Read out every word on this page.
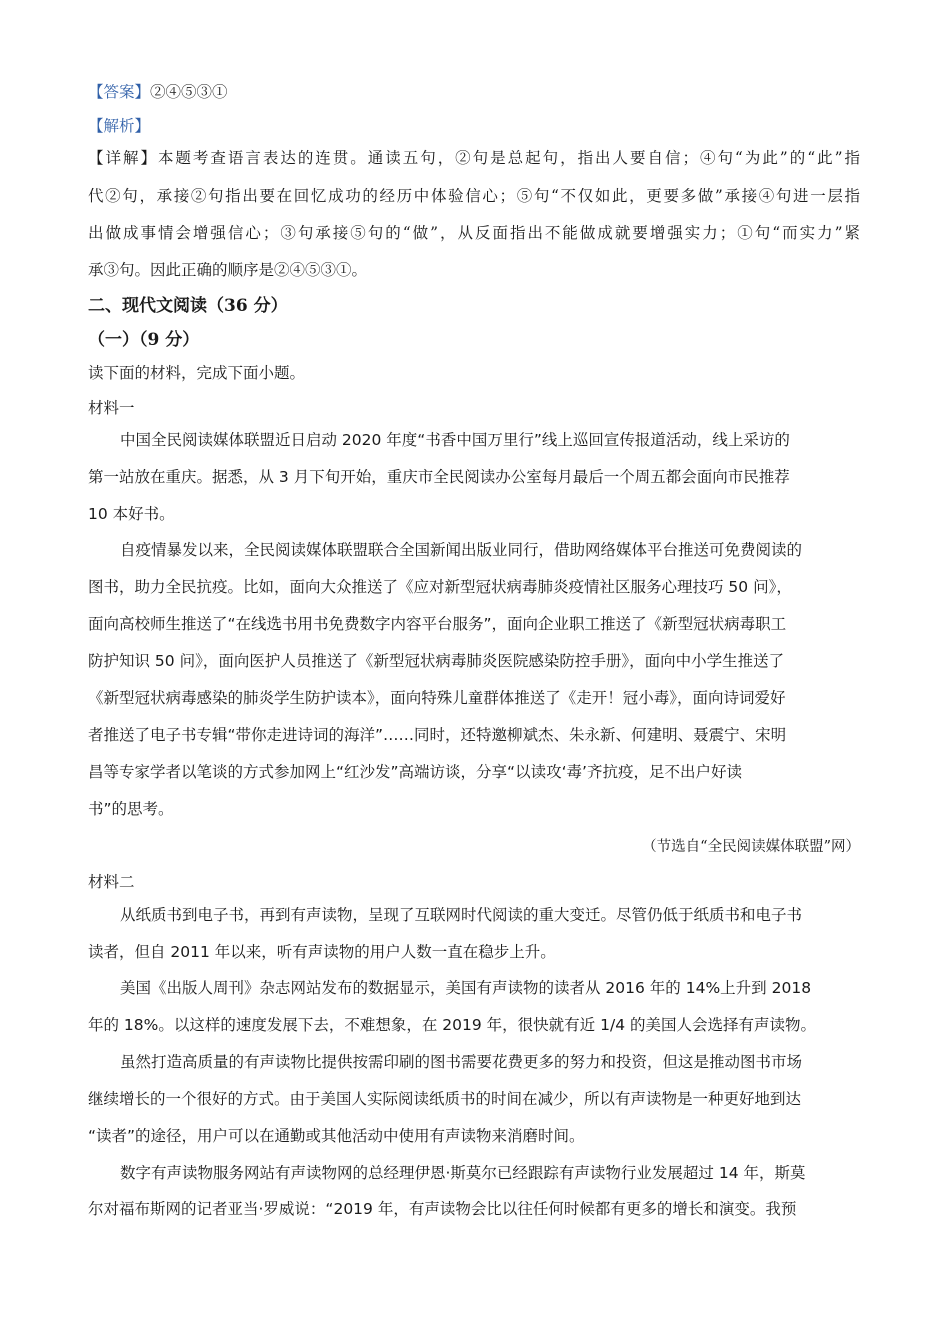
【答案】②④⑤③①
【解析】
【详解】本题考查语言表达的连贯。通读五句，②句是总起句，指出人要自信；④句“为此”的“此”指
代②句，承接②句指出要在回忆成功的经历中体验信心；⑤句“不仅如此，更要多做”承接④句进一层指
出做成事情会增强信心；③句承接⑤句的“做”，从反面指出不能做成就要增强实力；①句“而实力”紧
承③句。因此正确的顺序是②④⑤③①。
二、现代文阅读（36 分）
（一）（9 分）
读下面的材料，完成下面小题。
材料一
中国全民阅读媒体联盟近日启动 2020 年度“书香中国万里行”线上巡回宣传报道活动，线上采访的
第一站放在重庆。据悉，从 3 月下旬开始，重庆市全民阅读办公室每月最后一个周五都会面向市民推荐
10 本好书。
自疫情暴发以来，全民阅读媒体联盟联合全国新闻出版业同行，借助网络媒体平台推送可免费阅读的
图书，助力全民抗疫。比如，面向大众推送了《应对新型冠状病毒肺炎疫情社区服务心理技巧 50 问》，
面向高校师生推送了“在线选书用书免费数字内容平台服务”，面向企业职工推送了《新型冠状病毒职工
防护知识 50 问》，面向医护人员推送了《新型冠状病毒肺炎医院感染防控手册》，面向中小学生推送了
《新型冠状病毒感染的肺炎学生防护读本》，面向特殊儿童群体推送了《走开！冠小毒》，面向诗词爱好
者推送了电子书专辑“带你走进诗词的海洋”……同时，还特邀柳斌杰、朱永新、何建明、聂震宁、宋明
昌等专家学者以笔谈的方式参加网上“红沙发”高端访谈，分享“以读攻‘毒’齐抗疫，足不出户好读
书”的思考。
（节选自“全民阅读媒体联盟”网）
材料二
从纸质书到电子书，再到有声读物，呈现了互联网时代阅读的重大变迁。尽管仍低于纸质书和电子书
读者，但自 2011 年以来，听有声读物的用户人数一直在稳步上升。
美国《出版人周刊》杂志网站发布的数据显示，美国有声读物的读者从 2016 年的 14%上升到 2018
年的 18%。以这样的速度发展下去，不难想象，在 2019 年，很快就有近 1/4 的美国人会选择有声读物。
虽然打造高质量的有声读物比提供按需印刷的图书需要花费更多的努力和投资，但这是推动图书市场
继续增长的一个很好的方式。由于美国人实际阅读纸质书的时间在减少，所以有声读物是一种更好地到达
“读者”的途径，用户可以在通勤或其他活动中使用有声读物来消磨时间。
数字有声读物服务网站有声读物网的总经理伊恩·斯莫尔已经跟踪有声读物行业发展超过 14 年，斯莫
尔对福布斯网的记者亚当·罗威说：“2019 年，有声读物会比以往任何时候都有更多的增长和演变。我预
